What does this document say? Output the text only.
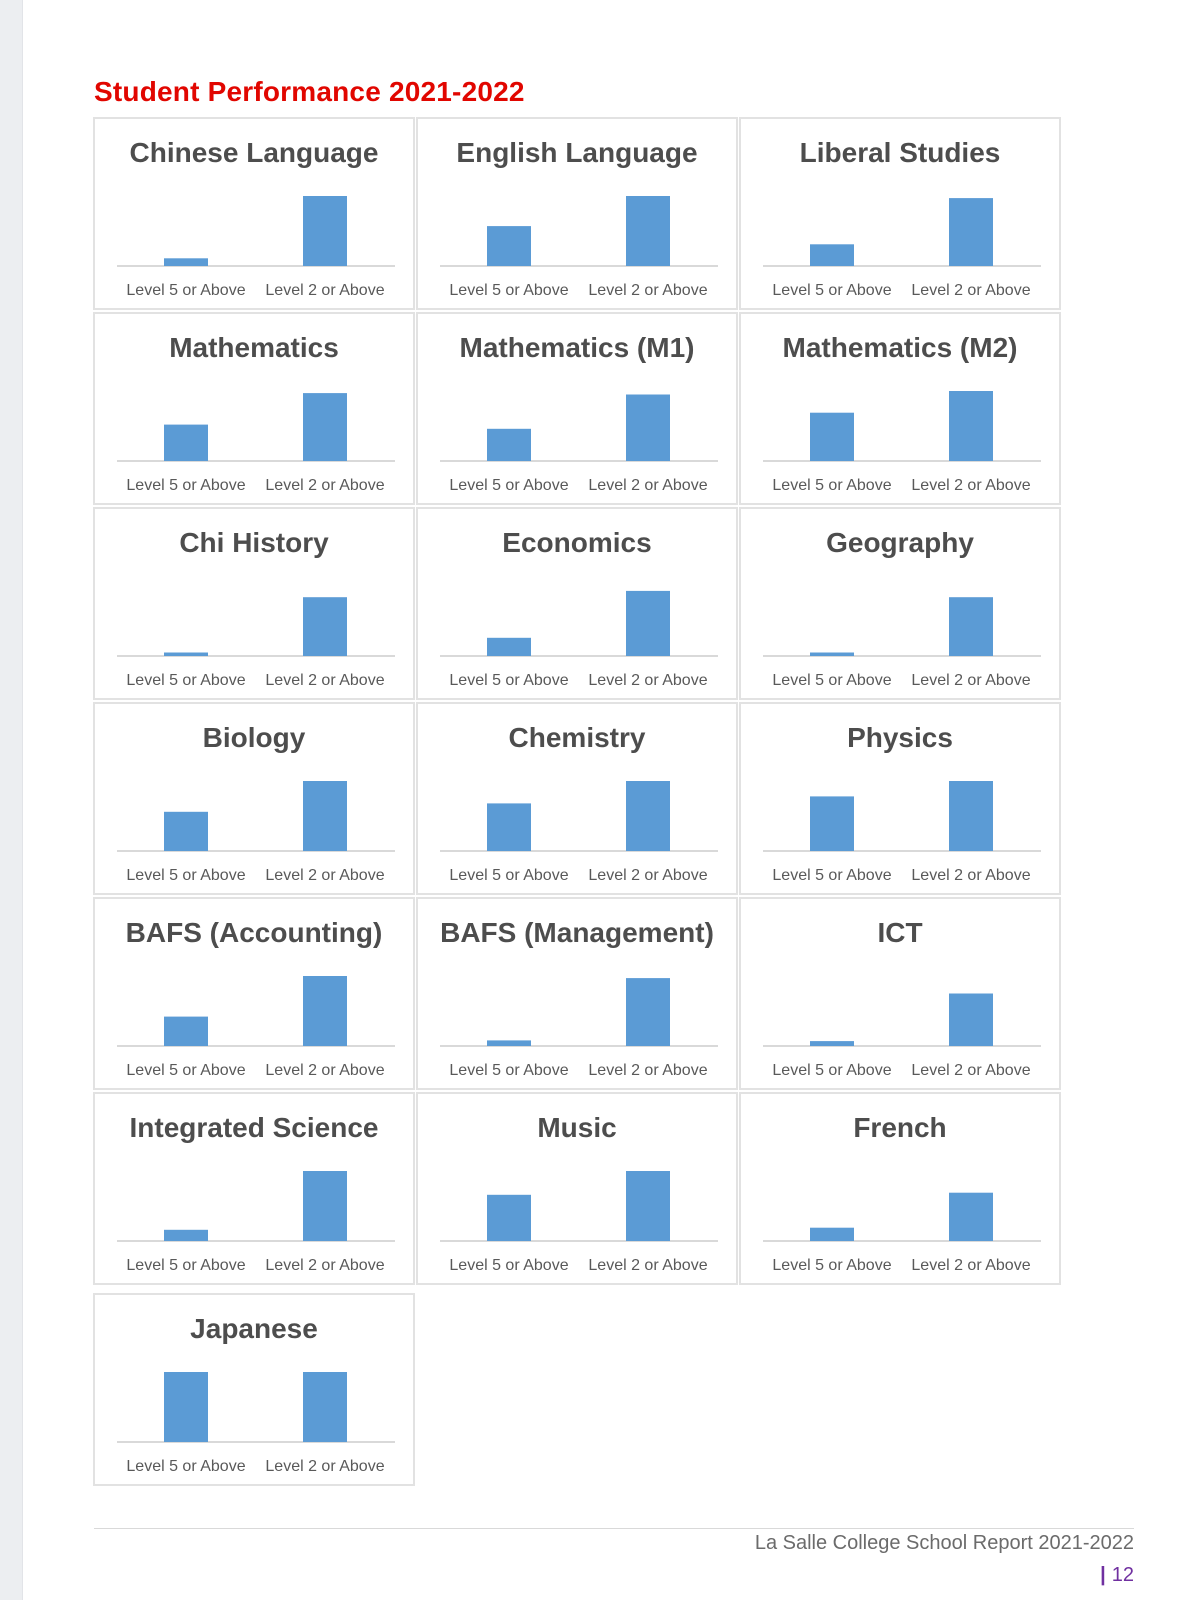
Student Performance 2021-2022
Chinese Language
Level 5 or Above Level 2 or Above
English Language
Level 5 or Above Level 2 or Above
Liberal Studies
Level 5 or Above Level 2 or Above
Mathematics
Level 5 or Above Level 2 or Above
Mathematics (M1)
Level 5 or Above Level 2 or Above
Mathematics (M2)
Level 5 or Above Level 2 or Above
Chi History
Level 5 or Above Level 2 or Above
Economics
Level 5 or Above Level 2 or Above
Geography
Level 5 or Above Level 2 or Above
Biology
Level 5 or Above Level 2 or Above
Chemistry
Level 5 or Above Level 2 or Above
Physics
Level 5 or Above Level 2 or Above
BAFS (Accounting)
Level 5 or Above Level 2 or Above
BAFS (Management)
Level 5 or Above Level 2 or Above
ICT
Level 5 or Above Level 2 or Above
Integrated Science
Level 5 or Above Level 2 or Above
Music
Level 5 or Above Level 2 or Above
French
Level 5 or Above Level 2 or Above
Japanese
Level 5 or Above Level 2 or Above
La Salle College School Report 2021-2022
| 12
